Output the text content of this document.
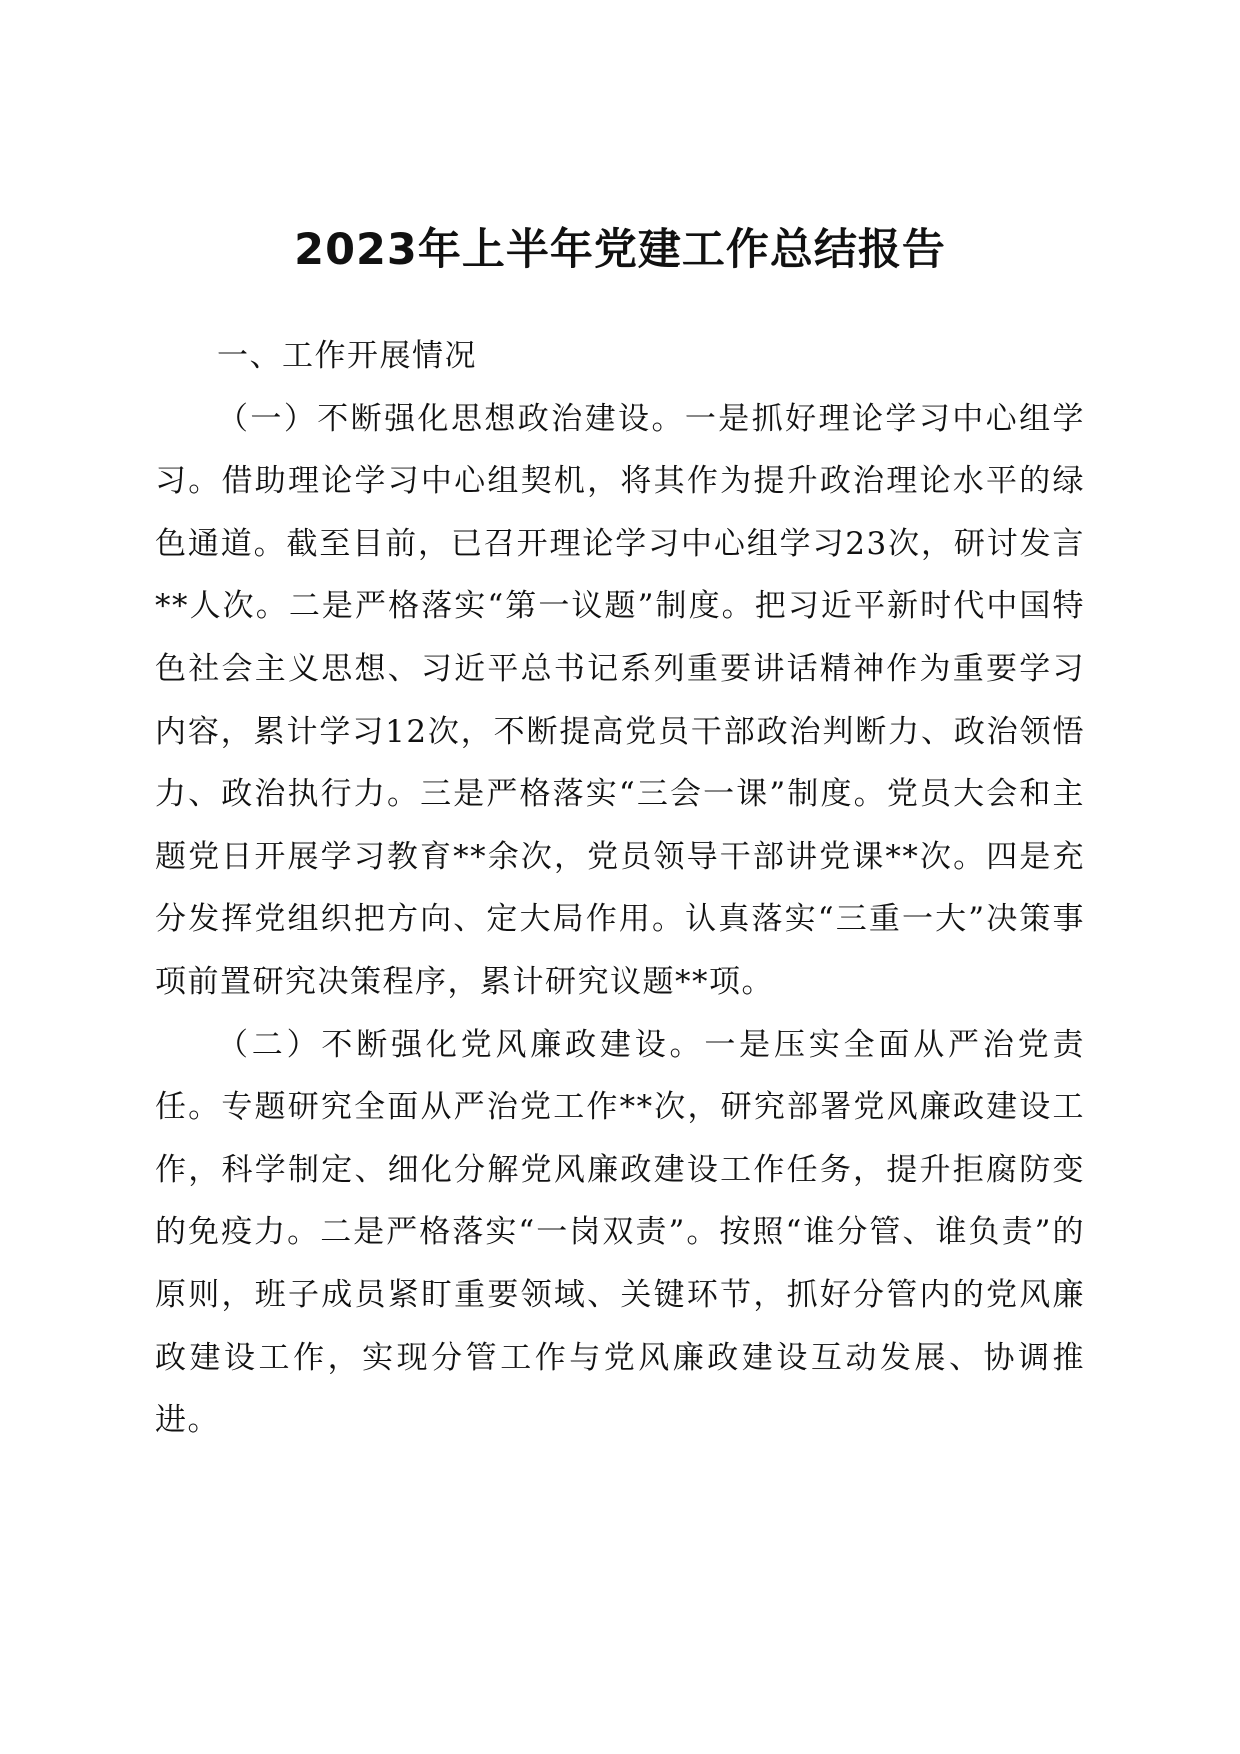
2023年上半年党建工作总结报告

一、工作开展情况

（一）不断强化思想政治建设。一是抓好理论学习中心组学习。借助理论学习中心组契机，将其作为提升政治理论水平的绿色通道。截至目前，已召开理论学习中心组学习23次，研讨发言**人次。二是严格落实“第一议题”制度。把习近平新时代中国特色社会主义思想、习近平总书记系列重要讲话精神作为重要学习内容，累计学习12次，不断提高党员干部政治判断力、政治领悟力、政治执行力。三是严格落实“三会一课”制度。党员大会和主题党日开展学习教育**余次，党员领导干部讲党课**次。四是充分发挥党组织把方向、定大局作用。认真落实“三重一大”决策事项前置研究决策程序，累计研究议题**项。

（二）不断强化党风廉政建设。一是压实全面从严治党责任。专题研究全面从严治党工作**次，研究部署党风廉政建设工作，科学制定、细化分解党风廉政建设工作任务，提升拒腐防变的免疫力。二是严格落实“一岗双责”。按照“谁分管、谁负责”的原则，班子成员紧盯重要领域、关键环节，抓好分管内的党风廉政建设工作，实现分管工作与党风廉政建设互动发展、协调推进。
